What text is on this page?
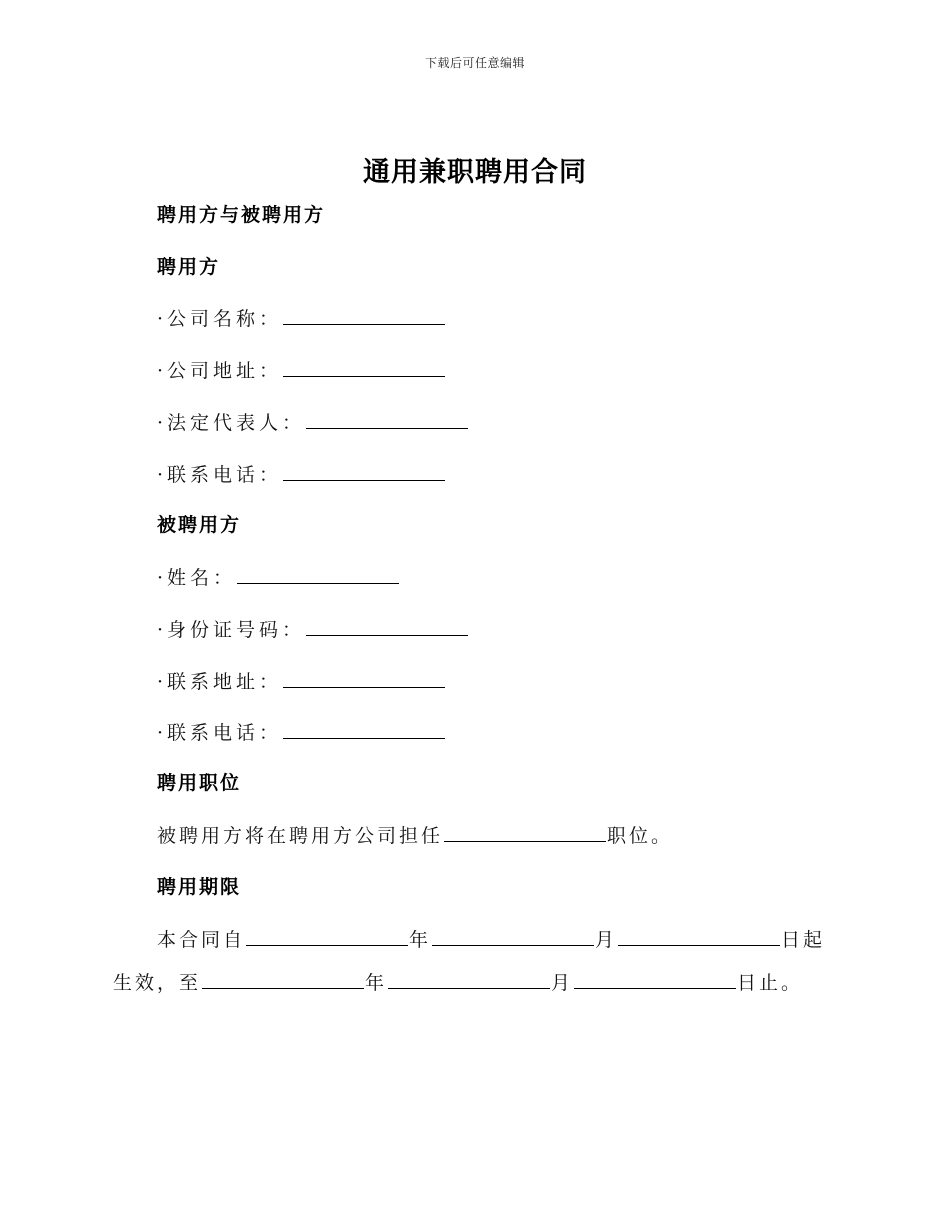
下载后可任意编辑
通用兼职聘用合同
聘用方与被聘用方
聘用方
·公司名称：
·公司地址：
·法定代表人：
·联系电话：
被聘用方
·姓名：
·身份证号码：
·联系地址：
·联系电话：
聘用职位
被聘用方将在聘用方公司担任	职位。
聘用期限
本合同自	年	月	日起
生效，至	年	月	日止。
